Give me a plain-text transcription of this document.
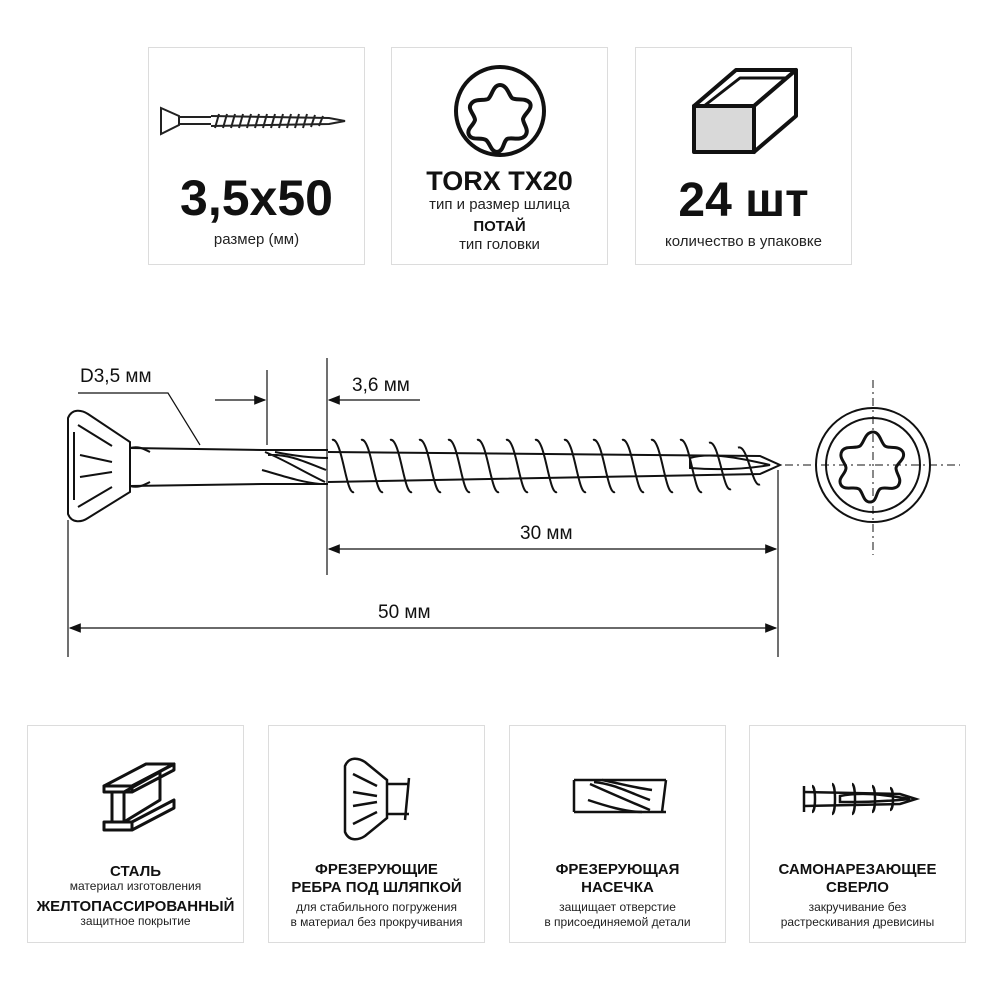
3,5x50
размер (мм)
TORX TX20
тип и размер шлица
ПОТАЙ
тип головки
24 шт
количество в упаковке
D3,5 мм	3,6 мм
30 мм
50 мм
СТАЛЬ
материал изготовления
ЖЕЛТОПАССИРОВАННЫЙ
защитное покрытие
ФРЕЗЕРУЮЩИЕ
РЕБРА ПОД ШЛЯПКОЙ
для стабильного погружения
в материал без прокручивания
ФРЕЗЕРУЮЩАЯ
НАСЕЧКА
защищает отверстие
в присоединяемой детали
САМОНАРЕЗАЮЩЕЕ
СВЕРЛО
закручивание без
растрескивания древисины
